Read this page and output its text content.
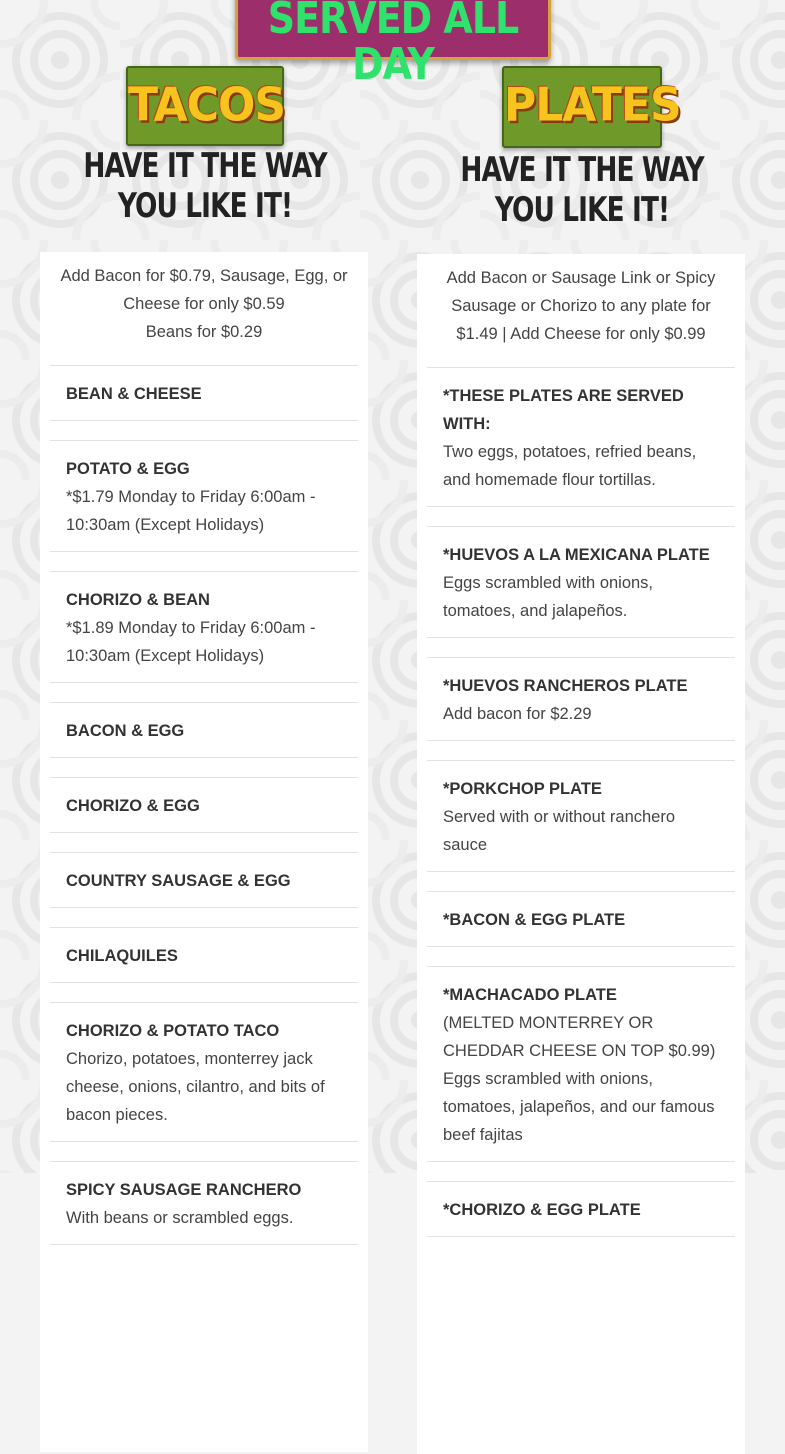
SERVED ALL DAY
TACOS
HAVE IT THE WAY YOU LIKE IT!
Add Bacon for $0.79, Sausage, Egg, or Cheese for only $0.59
Beans for $0.29

BEAN & CHEESE

POTATO & EGG

*$1.79 Monday to Friday 6:00am - 10:30am (Except Holidays)

CHORIZO & BEAN

*$1.89 Monday to Friday 6:00am - 10:30am (Except Holidays)

BACON & EGG

CHORIZO & EGG

COUNTRY SAUSAGE & EGG

CHILAQUILES

CHORIZO & POTATO TACO

Chorizo, potatoes, monterrey jack cheese, onions, cilantro, and bits of bacon pieces.

SPICY SAUSAGE RANCHERO

With beans or scrambled eggs.

PLATES
HAVE IT THE WAY YOU LIKE IT!
Add Bacon or Sausage Link or Spicy Sausage or Chorizo to any plate for $1.49 | Add Cheese for only $0.99

*THESE PLATES ARE SERVED WITH:

Two eggs, potatoes, refried beans, and homemade flour tortillas.

*HUEVOS A LA MEXICANA PLATE

Eggs scrambled with onions, tomatoes, and jalapeños.

*HUEVOS RANCHEROS PLATE

Add bacon for $2.29

*PORKCHOP PLATE

Served with or without ranchero sauce

*BACON & EGG PLATE

*MACHACADO PLATE

(MELTED MONTERREY OR CHEDDAR CHEESE ON TOP $0.99) Eggs scrambled with onions, tomatoes, jalapeños, and our famous beef fajitas

*CHORIZO & EGG PLATE
